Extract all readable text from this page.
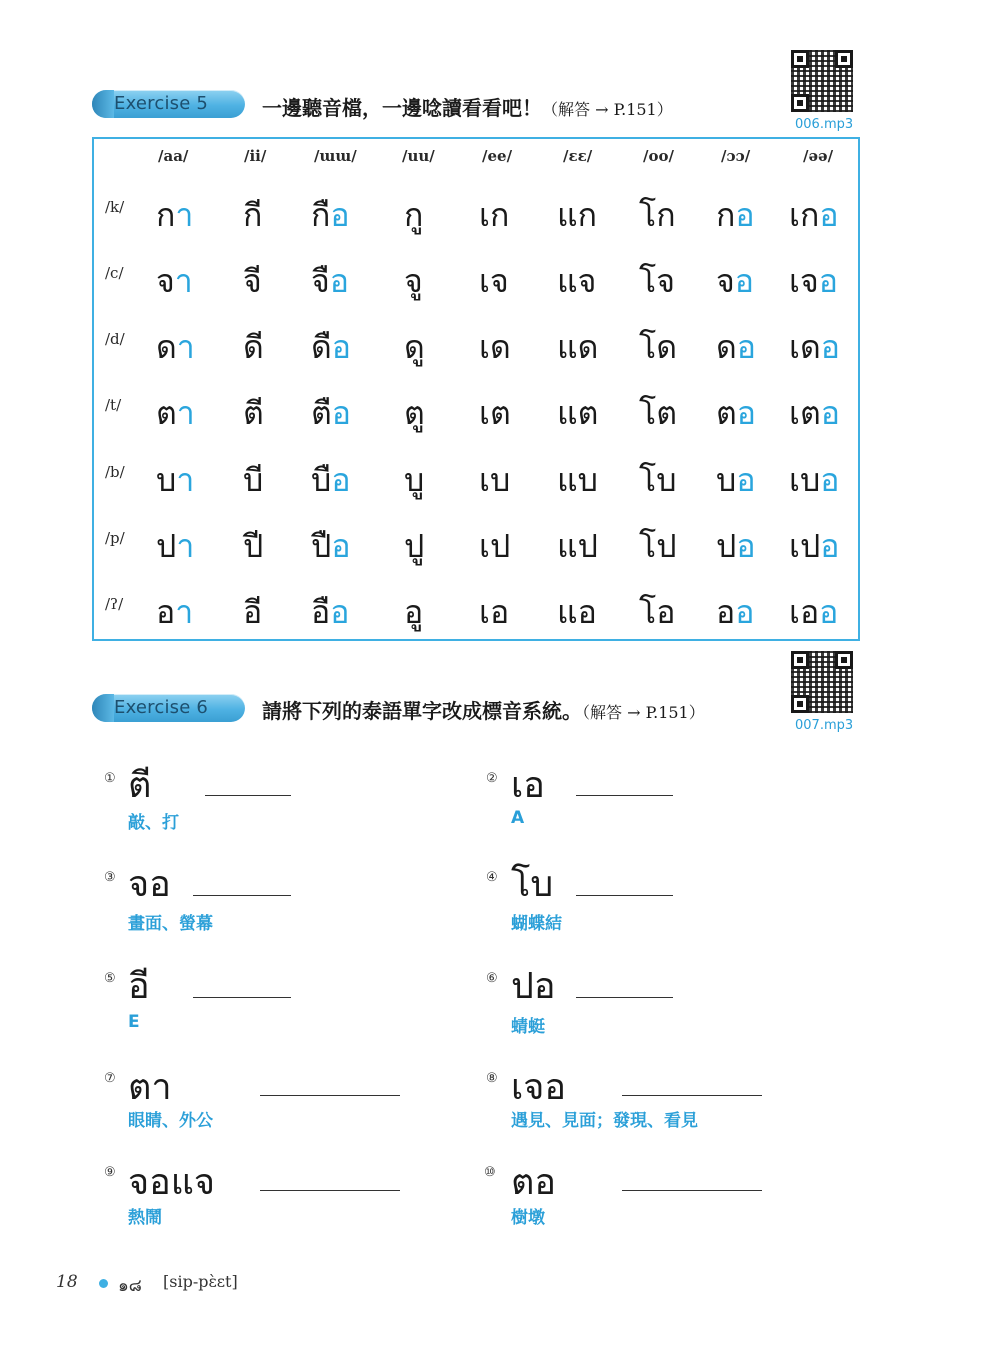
Exercise 5	一邊聽音檔，一邊唸讀看看吧！（解答 → P.151）
006.mp3
/aa/	/ii/	/ɯɯ/	/uu/	/ee/	/ɛɛ/	/oo/	/ɔɔ/	/əə/
/k/ กา กี กือ กู เก แก โก กอ เกอ
/c/ จา จี จือ จู เจ แจ โจ จอ เจอ
/d/ ดา ดี ดือ ดู เด แด โด ดอ เดอ
/t/ ตา ตี ตือ ตู เต แต โต ตอ เตอ
/b/ บา บี บือ บู เบ แบ โบ บอ เบอ
/p/ ปา ปี ปือ ปู เป แป โป ปอ เปอ
/ʔ/ อา อี อือ อู เอ แอ โอ ออ เออ
Exercise 6	請將下列的泰語單字改成標音系統。（解答 → P.151）
007.mp3
① ตี
敲、打
② เอ
A
③ จอ
畫面、螢幕
④ โบ
蝴蝶結
⑤ อี
E
⑥ ปอ
蜻蜓
⑦ ตา
眼睛、外公
⑧ เจอ
遇見、見面；發現、看見
⑨ จอแจ
熱鬧
⑩ ตอ
樹墩
18 ๑๘ [sip-pɛ̀ɛt]
